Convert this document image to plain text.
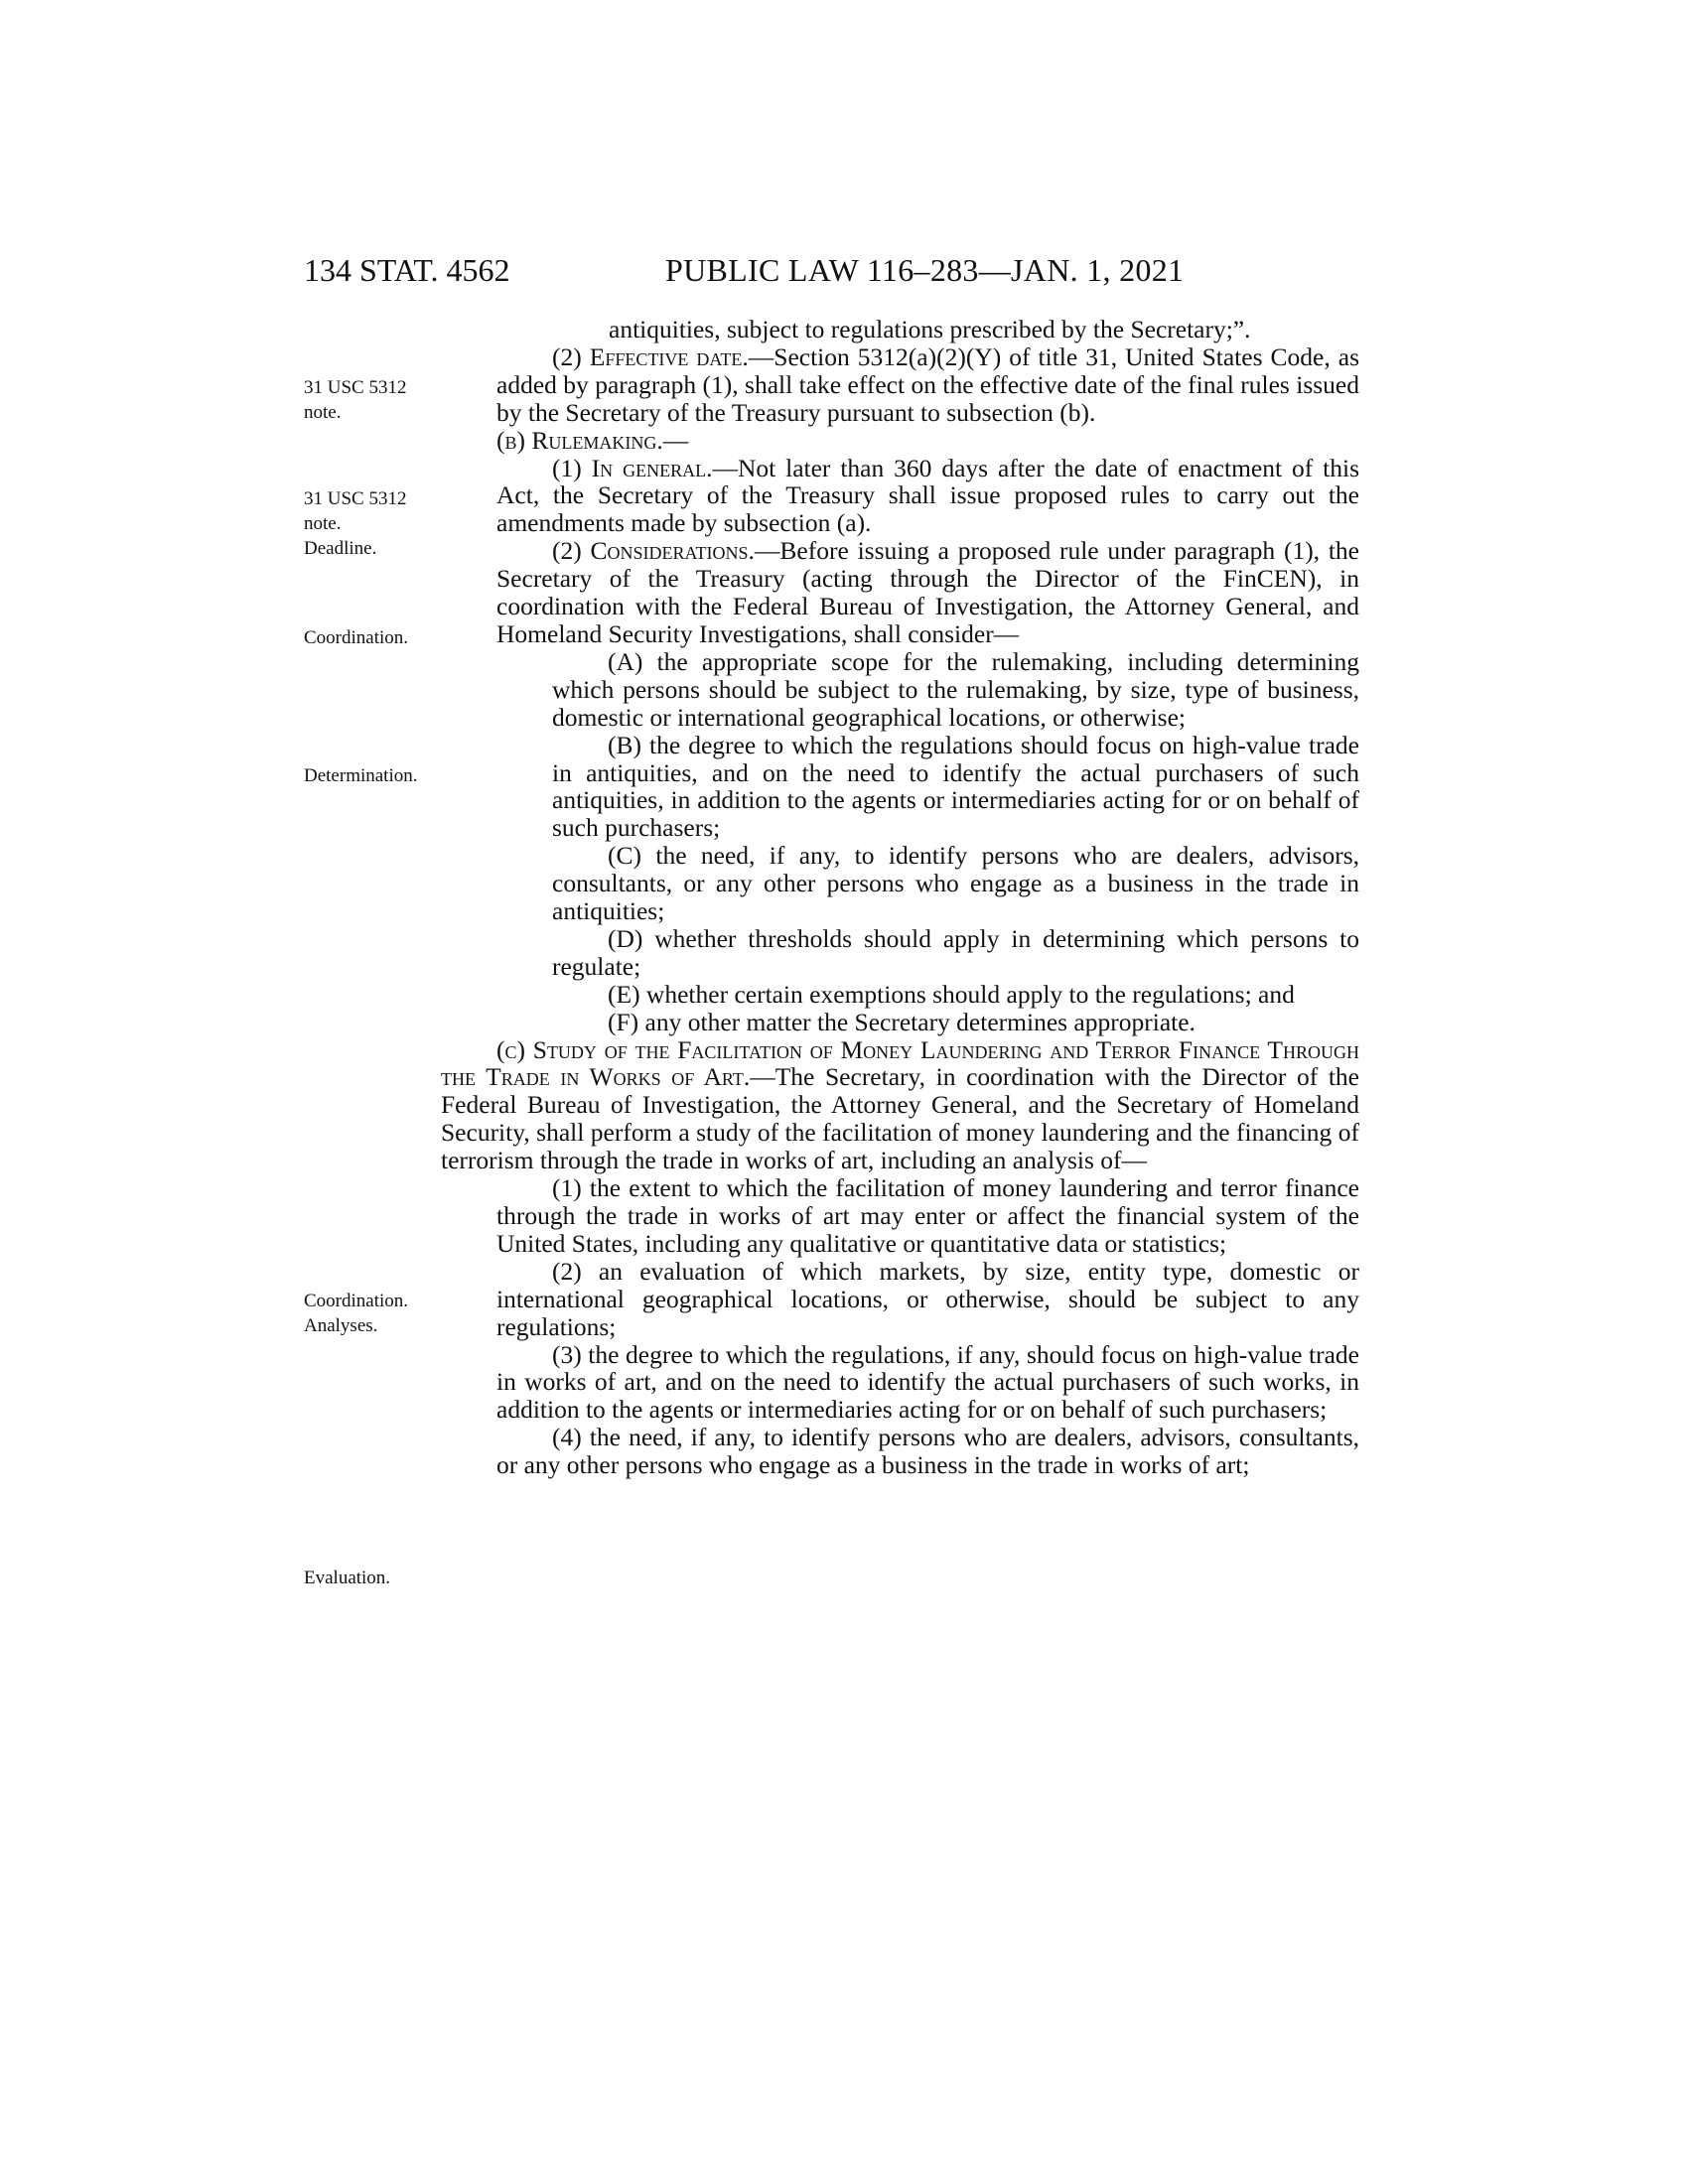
134 STAT. 4562	PUBLIC LAW 116–283—JAN. 1, 2021
31 USC 5312
note.
31 USC 5312
note.
Deadline.
Coordination.
Determination.
Coordination.
Analyses.
Evaluation.

antiquities, subject to regulations prescribed by the Secretary;”.

(2) Effective date.—Section 5312(a)(2)(Y) of title 31, United States Code, as added by paragraph (1), shall take effect on the effective date of the final rules issued by the Secretary of the Treasury pursuant to subsection (b).

(b) Rulemaking.—

(1) In general.—Not later than 360 days after the date of enactment of this Act, the Secretary of the Treasury shall issue proposed rules to carry out the amendments made by subsection (a).

(2) Considerations.—Before issuing a proposed rule under paragraph (1), the Secretary of the Treasury (acting through the Director of the FinCEN), in coordination with the Federal Bureau of Investigation, the Attorney General, and Homeland Security Investigations, shall consider—

(A) the appropriate scope for the rulemaking, including determining which persons should be subject to the rulemaking, by size, type of business, domestic or international geographical locations, or otherwise;

(B) the degree to which the regulations should focus on high-value trade in antiquities, and on the need to identify the actual purchasers of such antiquities, in addition to the agents or intermediaries acting for or on behalf of such purchasers;

(C) the need, if any, to identify persons who are dealers, advisors, consultants, or any other persons who engage as a business in the trade in antiquities;

(D) whether thresholds should apply in determining which persons to regulate;

(E) whether certain exemptions should apply to the regulations; and

(F) any other matter the Secretary determines appropriate.

(c) Study of the Facilitation of Money Laundering and Terror Finance Through the Trade in Works of Art.—The Secretary, in coordination with the Director of the Federal Bureau of Investigation, the Attorney General, and the Secretary of Homeland Security, shall perform a study of the facilitation of money laundering and the financing of terrorism through the trade in works of art, including an analysis of—

(1) the extent to which the facilitation of money laundering and terror finance through the trade in works of art may enter or affect the financial system of the United States, including any qualitative or quantitative data or statistics;

(2) an evaluation of which markets, by size, entity type, domestic or international geographical locations, or otherwise, should be subject to any regulations;

(3) the degree to which the regulations, if any, should focus on high-value trade in works of art, and on the need to identify the actual purchasers of such works, in addition to the agents or intermediaries acting for or on behalf of such purchasers;

(4) the need, if any, to identify persons who are dealers, advisors, consultants, or any other persons who engage as a business in the trade in works of art;
